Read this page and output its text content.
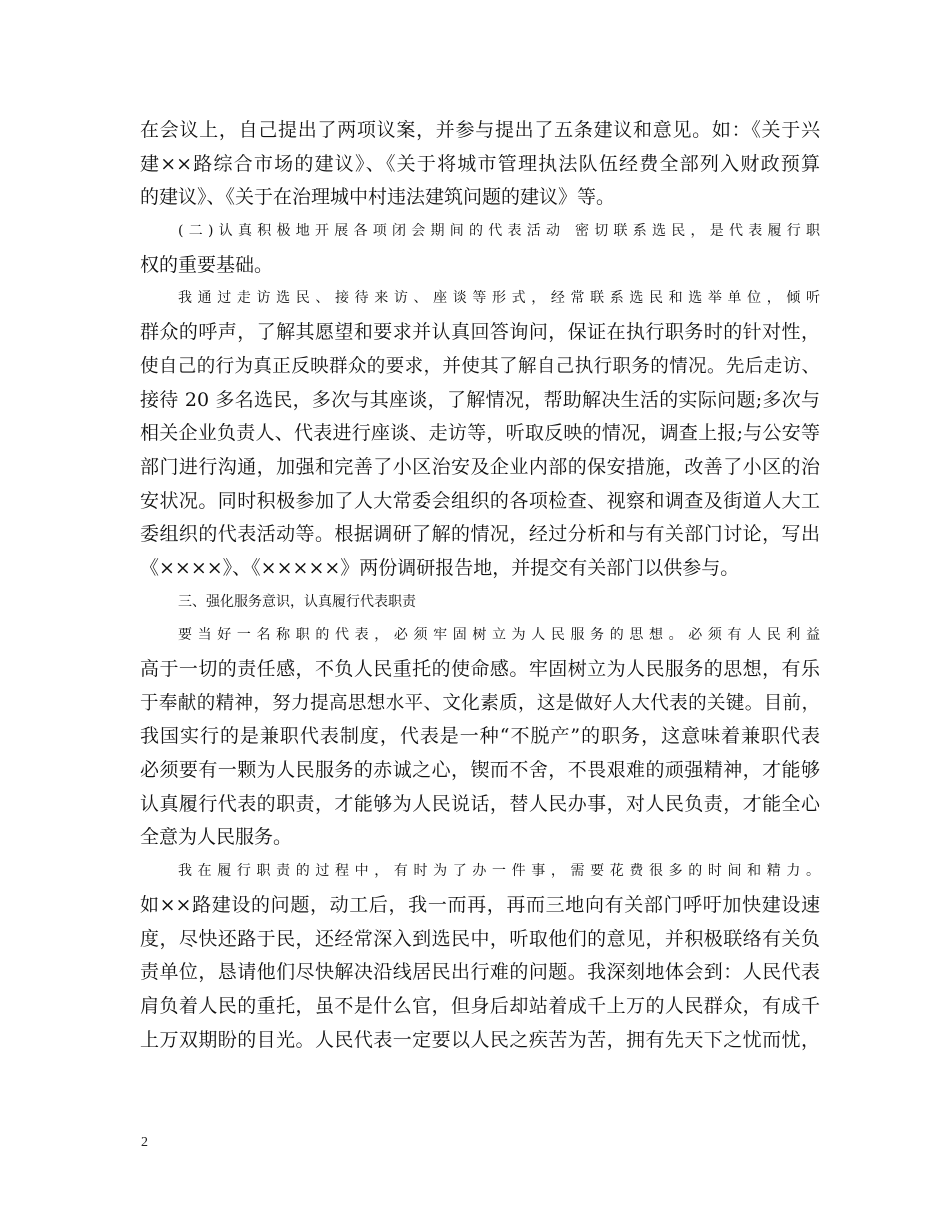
在会议上，自己提出了两项议案，并参与提出了五条建议和意见。如：《关于兴
建××路综合市场的建议》、《关于将城市管理执法队伍经费全部列入财政预算
的建议》、《关于在治理城中村违法建筑问题的建议》等。
(二)认真积极地开展各项闭会期间的代表活动 密切联系选民，是代表履行职
权的重要基础。
我通过走访选民、接待来访、座谈等形式，经常联系选民和选举单位，倾听
群众的呼声，了解其愿望和要求并认真回答询问，保证在执行职务时的针对性，
使自己的行为真正反映群众的要求，并使其了解自己执行职务的情况。先后走访、
接待 20 多名选民，多次与其座谈，了解情况，帮助解决生活的实际问题;多次与
相关企业负责人、代表进行座谈、走访等，听取反映的情况，调查上报;与公安等
部门进行沟通，加强和完善了小区治安及企业内部的保安措施，改善了小区的治
安状况。同时积极参加了人大常委会组织的各项检查、视察和调查及街道人大工
委组织的代表活动等。根据调研了解的情况，经过分析和与有关部门讨论，写出
《××××》、《×××××》两份调研报告地，并提交有关部门以供参与。
三、强化服务意识，认真履行代表职责
要当好一名称职的代表，必须牢固树立为人民服务的思想。必须有人民利益
高于一切的责任感，不负人民重托的使命感。牢固树立为人民服务的思想，有乐
于奉献的精神，努力提高思想水平、文化素质，这是做好人大代表的关键。目前，
我国实行的是兼职代表制度，代表是一种“不脱产”的职务，这意味着兼职代表
必须要有一颗为人民服务的赤诚之心，锲而不舍，不畏艰难的顽强精神，才能够
认真履行代表的职责，才能够为人民说话，替人民办事，对人民负责，才能全心
全意为人民服务。
我在履行职责的过程中，有时为了办一件事，需要花费很多的时间和精力。
如××路建设的问题，动工后，我一而再，再而三地向有关部门呼吁加快建设速
度，尽快还路于民，还经常深入到选民中，听取他们的意见，并积极联络有关负
责单位，恳请他们尽快解决沿线居民出行难的问题。我深刻地体会到：人民代表
肩负着人民的重托，虽不是什么官，但身后却站着成千上万的人民群众，有成千
上万双期盼的目光。人民代表一定要以人民之疾苦为苦，拥有先天下之忧而忧，
2
